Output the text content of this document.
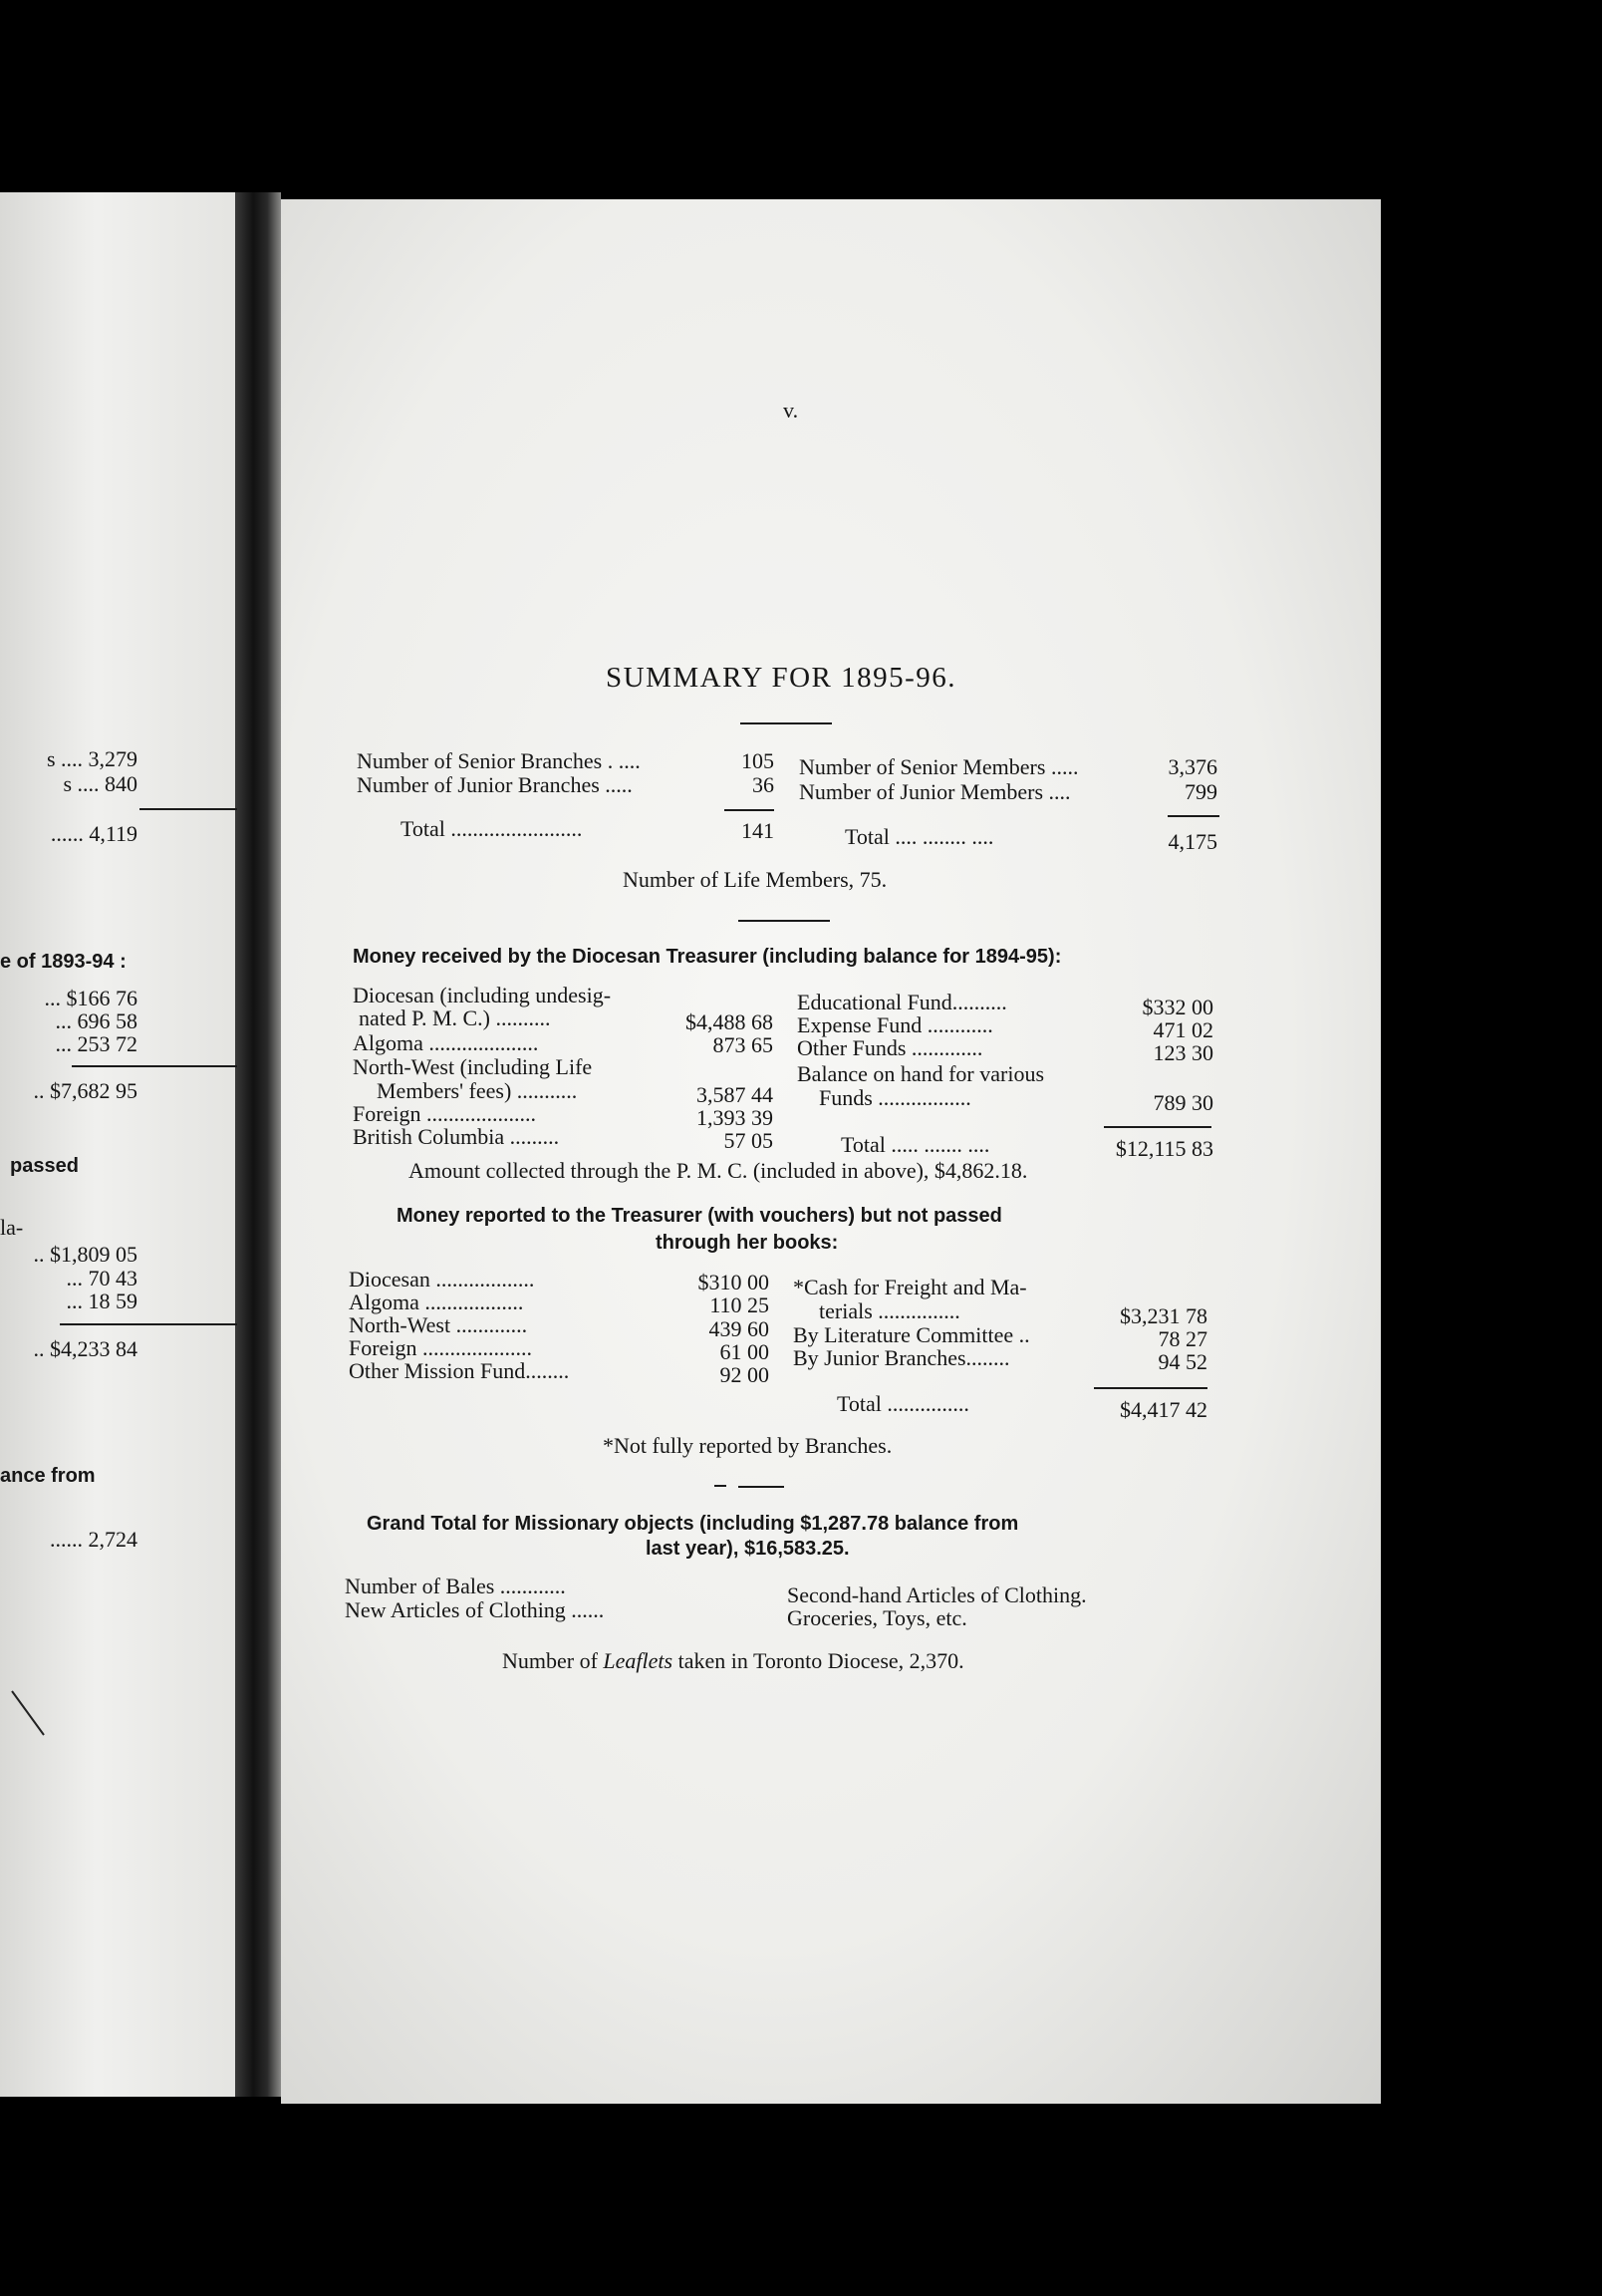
s .... 3,279
s .... 840
...... 4,119
e of 1893-94 :
... $166 76
... 696 58
... 253 72
.. $7,682 95
passed
la-
.. $1,809 05
... 70 43
... 18 59
.. $4,233 84
ance from
...... 2,724
v.
SUMMARY FOR 1895-96.
Number of Senior Branches . ....	105
Number of Junior Branches .....	36
Total ........................	141
Number of Senior Members .....	3,376
Number of Junior Members ....	799
Total .... ........ ....	4,175
Number of Life Members, 75.
Money received by the Diocesan Treasurer (including balance for 1894-95):
Diocesan (including undesig-
nated P. M. C.) ..........	$4,488 68
Algoma ....................	873 65
North-West (including Life
Members' fees) ...........	3,587 44
Foreign ....................	1,393 39
British Columbia .........	57 05
Educational Fund..........	$332 00
Expense Fund ............	471 02
Other Funds .............	123 30
Balance on hand for various
Funds .................	789 30
Total ..... ....... ....	$12,115 83
Amount collected through the P. M. C. (included in above), $4,862.18.
Money reported to the Treasurer (with vouchers) but not passed
through her books:
Diocesan ..................	$310 00
Algoma ..................	110 25
North-West .............	439 60
Foreign ....................	61 00
Other Mission Fund........	92 00
*Cash for Freight and Ma-
terials ...............	$3,231 78
By Literature Committee ..	78 27
By Junior Branches........	94 52
Total ...............	$4,417 42
*Not fully reported by Branches.
Grand Total for Missionary objects (including $1,287.78 balance from
last year), $16,583.25.
Number of Bales ............
New Articles of Clothing ......
Second-hand Articles of Clothing.
Groceries, Toys, etc.
Number of Leaflets taken in Toronto Diocese, 2,370.
